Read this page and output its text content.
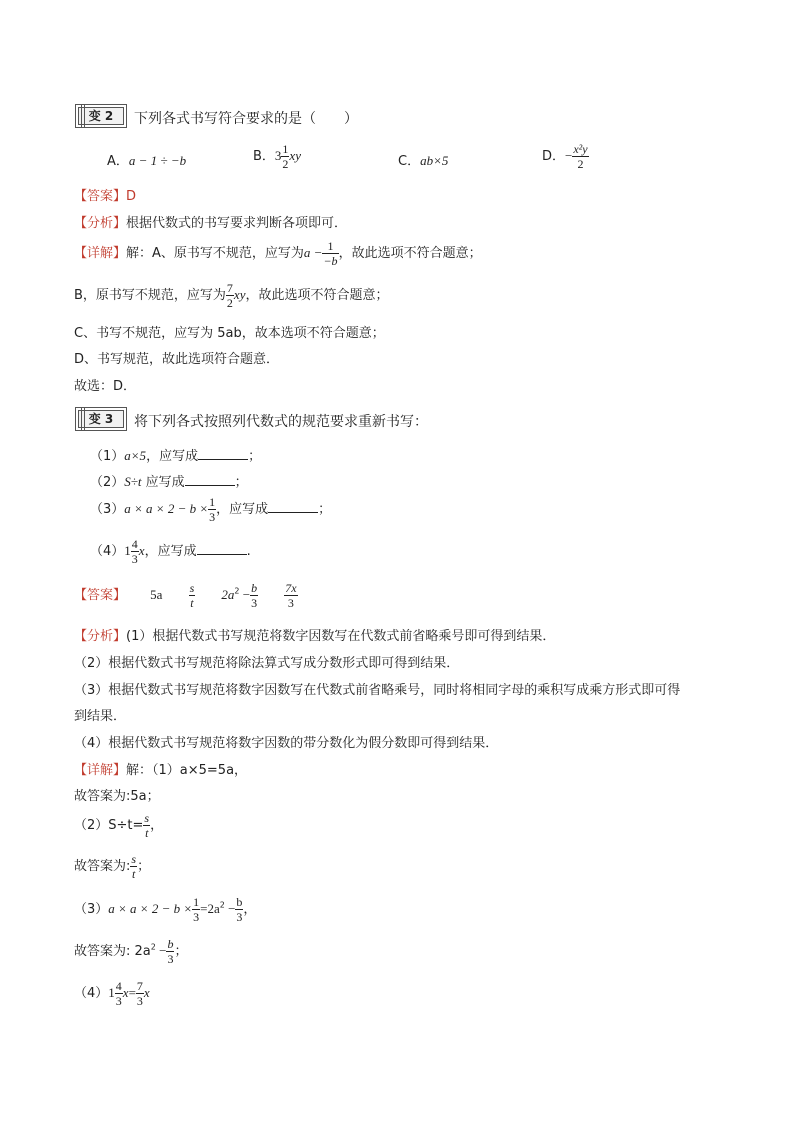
变 2	下列各式书写符合要求的是（　　）
A．a − 1 ÷ −b	B．$3 \frac{1}{2}$ xy	C．ab×5	D．− $\frac{\text{x²y}}{2}$
【答案】D
【分析】根据代数式的书写要求判断各项即可．
【详解】解：A、原书写不规范，应写为$a - \frac{1}{-b}$ ，故此选项不符合题意；
B，原书写不规范，应写为 $\frac{7}{2}$ xy，故此选项不符合题意；
C、书写不规范，应写为 5ab，故本选项不符合题意；
D、书写规范，故此选项符合题意．
故选：D．
变 3	将下列各式按照列代数式的规范要求重新书写：
（1）a×5，应写成	；
（2）S÷t 应写成	；
$(3)a \times a \times 2 - b \times \frac{1}{3}$ ，应写成	；
$(4)1 \frac{4}{3}$ x，应写成	.
【答案】 $5a \frac{s}{t} 2a^2 - \frac{b}{3}$
$\frac{7x}{3}$
【分析】(1）根据代数式书写规范将数字因数写在代数式前省略乘号即可得到结果．
（2）根据代数式书写规范将除法算式写成分数形式即可得到结果．
（3）根据代数式书写规范将数字因数写在代数式前省略乘号，同时将相同字母的乘积写成乘方形式即可得
到结果．
（4）根据代数式书写规范将数字因数的带分数化为假分数即可得到结果．
【详解】解：（1）a×5=5a，
故答案为:5a；
$(2)S\div t= \frac{s}{t}$ ，
故答案为: $\frac{s}{t}$ ；
$(3)a \times a \times 2 - b \times \frac{1}{3} =2a^2 - \frac{b}{3}$ ，
故答案为: $2a^2 - \frac{b}{3}$ ；
$(4)1 \frac{4}{3} x= \frac{7}{3}$ x
